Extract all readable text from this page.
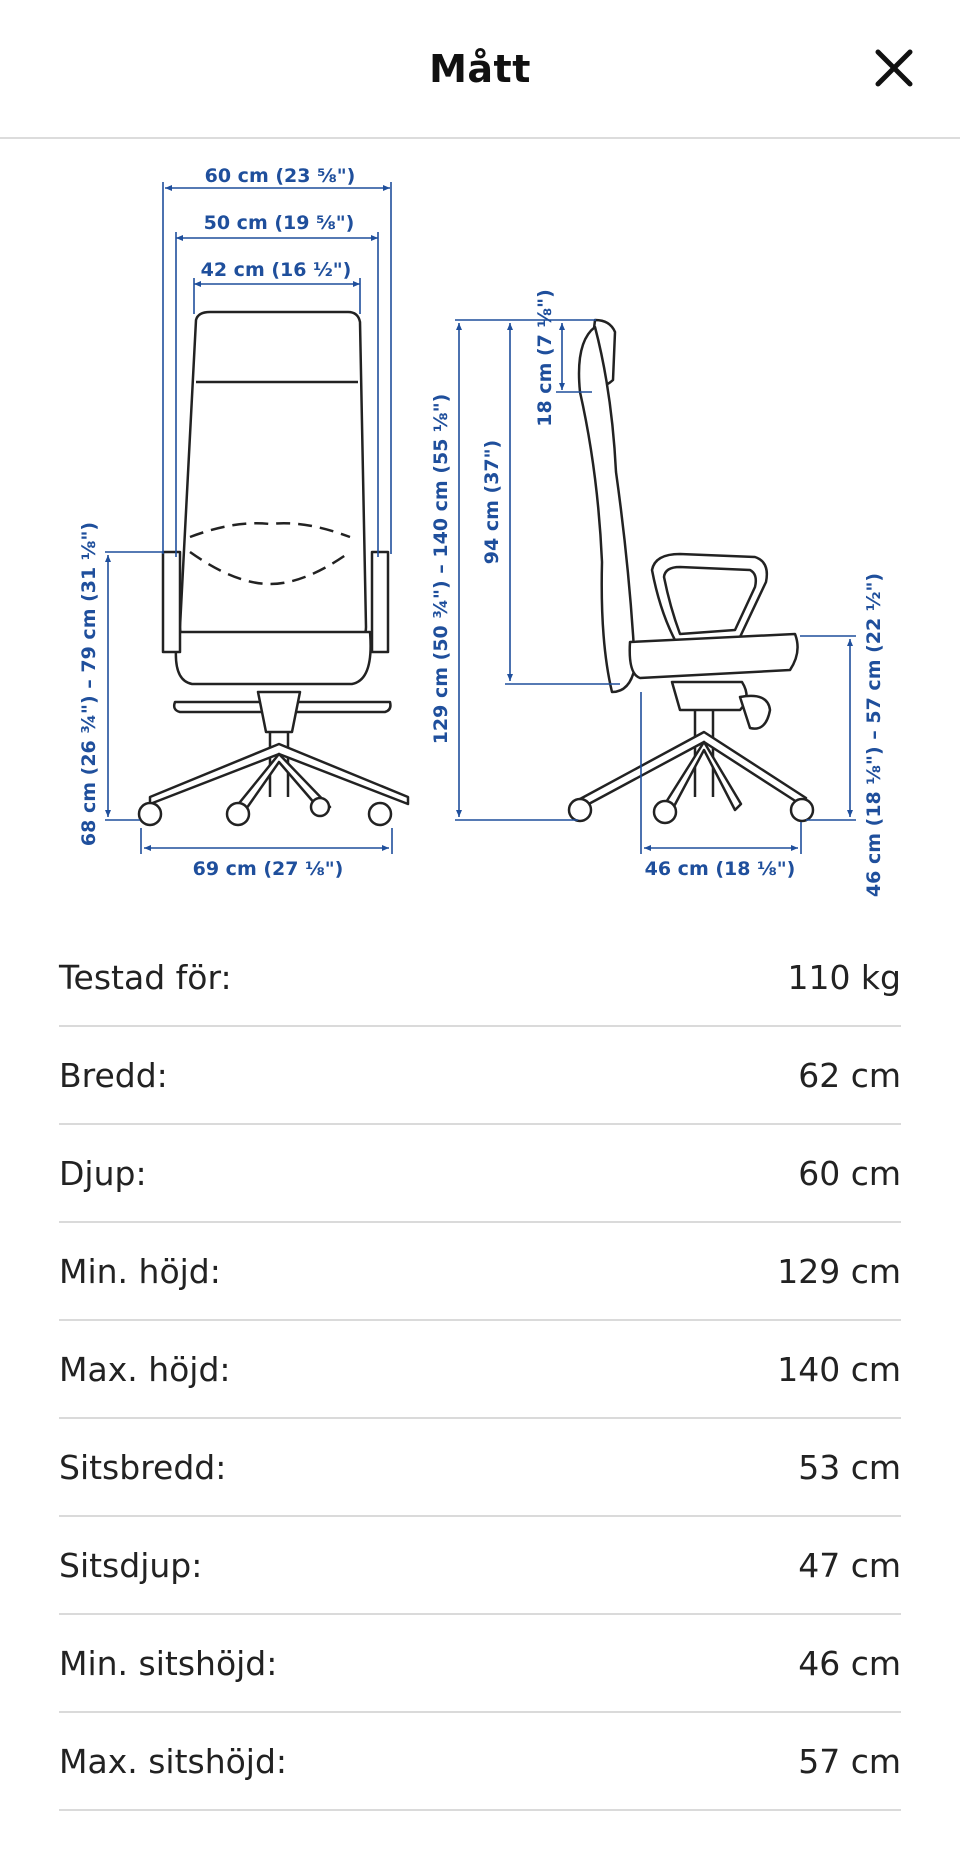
Mått
60 cm (23 ⅝")
50 cm (19 ⅝")
42 cm (16 ½")
69 cm (27 ⅛")	46 cm (18 ⅛")
68 cm (26 ¾") – 79 cm (31 ⅛")	129 cm (50 ¾") – 140 cm (55 ⅛") 94 cm (37")
18 cm (7 ⅛")
46 cm (18 ⅛") – 57 cm (22 ½")
Testad för:	110 kg
Bredd:	62 cm
Djup:	60 cm
Min. höjd:	129 cm
Max. höjd:	140 cm
Sitsbredd:	53 cm
Sitsdjup:	47 cm
Min. sitshöjd:	46 cm
Max. sitshöjd:	57 cm
